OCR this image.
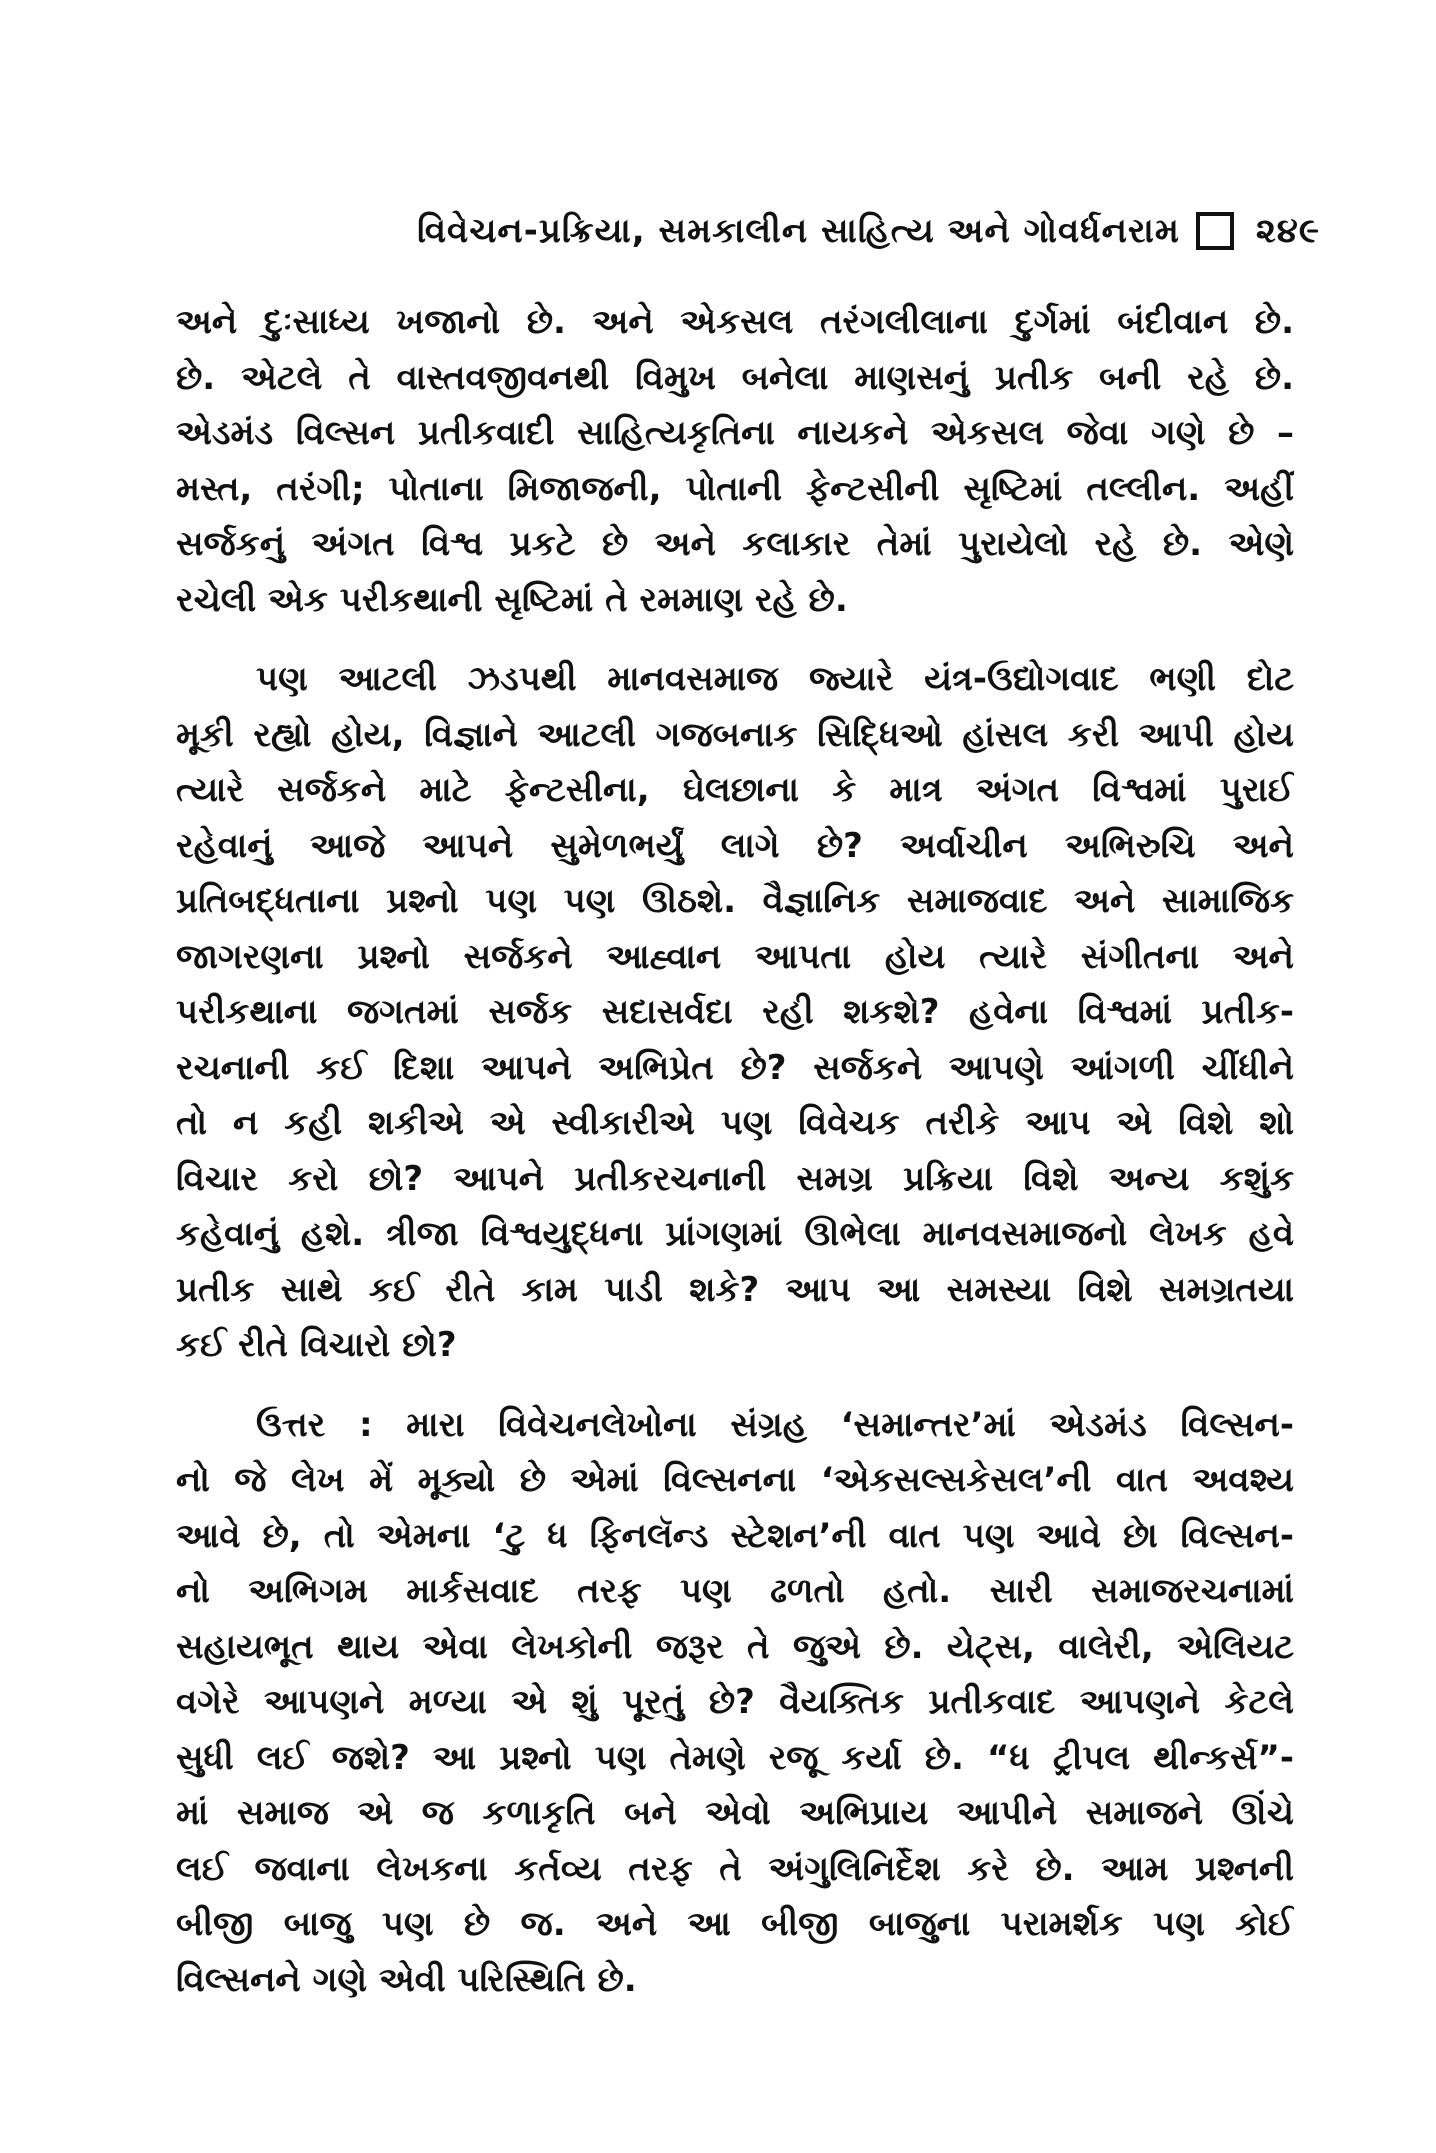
વિવેચન-પ્રક્રિયા, સમકાલીન સાહિત્ય અને ગોવર્ધનરામ ૨૪૯

અને દુઃસાધ્ય ખજાનો છે. અને એકસલ તરંગલીલાના દુર્ગમાં બંદીવાન છે.
છે. એટલે તે વાસ્તવજીવનથી વિમુખ બનેલા માણસનું પ્રતીક બની રહે છે.
એડમંડ વિલ્સન પ્રતીકવાદી સાહિત્યકૃતિના નાયકને એકસલ જેવા ગણે છે –
મસ્ત, તરંગી; પોતાના મિજાજની, પોતાની ફેન્ટસીની સૃષ્ટિમાં તલ્લીન. અહીં
સર્જકનું અંગત વિશ્વ પ્રકટે છે અને કલાકાર તેમાં પુરાયેલો રહે છે. એણે
રચેલી એક પરીકથાની સૃષ્ટિમાં તે રમમાણ રહે છે.

પણ આટલી ઝડપથી માનવસમાજ જ્યારે યંત્ર-ઉદ્યોગવાદ ભણી દોટ
મૂકી રહ્યો હોય, વિજ્ઞાને આટલી ગજબનાક સિદ્ધિઓ હાંસલ કરી આપી હોય
ત્યારે સર્જકને માટે ફેન્ટસીના, ઘેલછાના કે માત્ર અંગત વિશ્વમાં પુરાઈ
રહેવાનું આજે આપને સુમેળભર્યું લાગે છે? અર્વાચીન અભિરુચિ અને
પ્રતિબદ્ધતાના પ્રશ્નો પણ પણ ઊઠશે. વૈજ્ઞાનિક સમાજવાદ અને સામાજિક
જાગરણના પ્રશ્નો સર્જકને આહ્વાન આપતા હોય ત્યારે સંગીતના અને
પરીકથાના જગતમાં સર્જક સદાસર્વદા રહી શકશે? હવેના વિશ્વમાં પ્રતીક-
રચનાની કઈ દિશા આપને અભિપ્રેત છે? સર્જકને આપણે આંગળી ચીંધીને
તો ન કહી શકીએ એ સ્વીકારીએ પણ વિવેચક તરીકે આપ એ વિશે શો
વિચાર કરો છો? આપને પ્રતીકરચનાની સમગ્ર પ્રક્રિયા વિશે અન્ય કશુંક
કહેવાનું હશે. ત્રીજા વિશ્વયુદ્ધના પ્રાંગણમાં ઊભેલા માનવસમાજનો લેખક હવે
પ્રતીક સાથે કઈ રીતે કામ પાડી શકે? આપ આ સમસ્યા વિશે સમગ્રતયા
કઈ રીતે વિચારો છો?

ઉત્તર : મારા વિવેચનલેખોના સંગ્રહ ‘સમાન્તર’માં એડમંડ વિલ્સન-
નો જે લેખ મેં મૂક્યો છે એમાં વિલ્સનના ‘એકસલ્સકેસલ’ની વાત અવશ્ય
આવે છે, તો એમના ‘ટુ ધ ફિનલૅન્ડ સ્ટેશન’ની વાત પણ આવે છે। વિલ્સન-
નો અભિગમ માર્કસવાદ તરફ પણ ઢળતો હતો. સારી સમાજરચનામાં
સહાયભૂત થાય એવા લેખકોની જરૂર તે જુએ છે. યેટ્સ, વાલેરી, એલિયટ
વગેરે આપણને મળ્યા એ શું પૂરતું છે? વૈયક્તિક પ્રતીકવાદ આપણને કેટલે
સુધી લઈ જશે? આ પ્રશ્નો પણ તેમણે રજૂ કર્યા છે. “ધ ટ્રીપલ થીન્કર્સ”-
માં સમાજ એ જ કળાકૃતિ બને એવો અભિપ્રાય આપીને સમાજને ઊંચે
લઈ જવાના લેખકના કર્તવ્ય તરફ તે અંગુલિનિર્દેશ કરે છે. આમ પ્રશ્નની
બીજી બાજુ પણ છે જ. અને આ બીજી બાજુના પરામર્શક પણ કોઈ
વિલ્સનને ગણે એવી પરિસ્થિતિ છે.
